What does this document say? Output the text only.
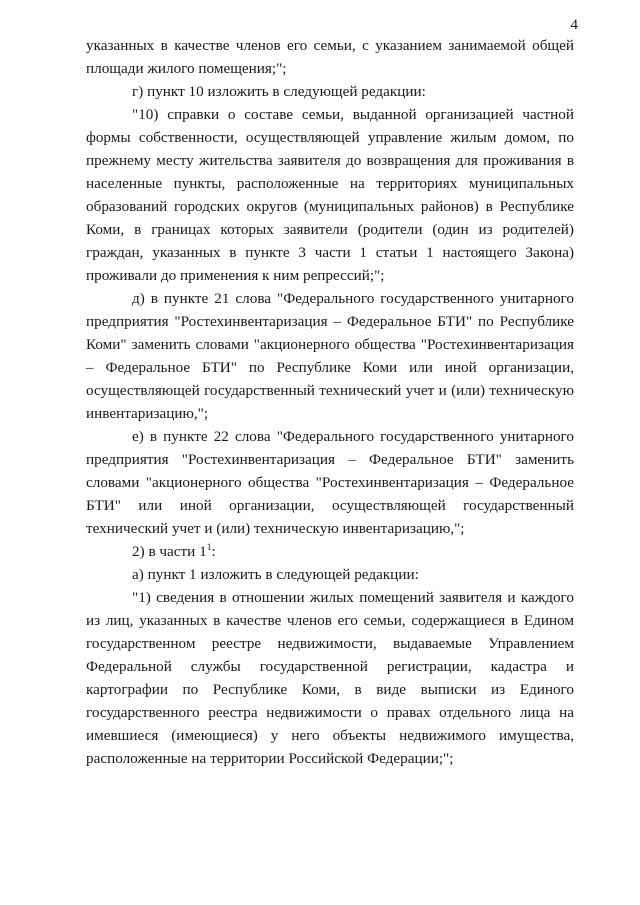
4

указанных в качестве членов его семьи, с указанием занимаемой общей площади жилого помещения;";

г) пункт 10 изложить в следующей редакции:

"10) справки о составе семьи, выданной организацией частной формы собственности, осуществляющей управление жилым домом, по прежнему месту жительства заявителя до возвращения для проживания в населенные пункты, расположенные на территориях муниципальных образований городских округов (муниципальных районов) в Республике Коми, в границах которых заявители (родители (один из родителей) граждан, указанных в пункте 3 части 1 статьи 1 настоящего Закона) проживали до применения к ним репрессий;";

д) в пункте 21 слова "Федерального государственного унитарного предприятия "Ростехинвентаризация – Федеральное БТИ" по Республике Коми" заменить словами "акционерного общества "Ростехинвентаризация – Федеральное БТИ" по Республике Коми или иной организации, осуществляющей государственный технический учет и (или) техническую инвентаризацию,";

е) в пункте 22 слова "Федерального государственного унитарного предприятия "Ростехинвентаризация – Федеральное БТИ" заменить словами "акционерного общества "Ростехинвентаризация – Федеральное БТИ" или иной организации, осуществляющей государственный технический учет и (или) техническую инвентаризацию,";

2) в части $1^1$:

а) пункт 1 изложить в следующей редакции:

"1) сведения в отношении жилых помещений заявителя и каждого из лиц, указанных в качестве членов его семьи, содержащиеся в Едином государственном реестре недвижимости, выдаваемые Управлением Федеральной службы государственной регистрации, кадастра и картографии по Республике Коми, в виде выписки из Единого государственного реестра недвижимости о правах отдельного лица на имевшиеся (имеющиеся) у него объекты недвижимого имущества, расположенные на территории Российской Федерации;";
